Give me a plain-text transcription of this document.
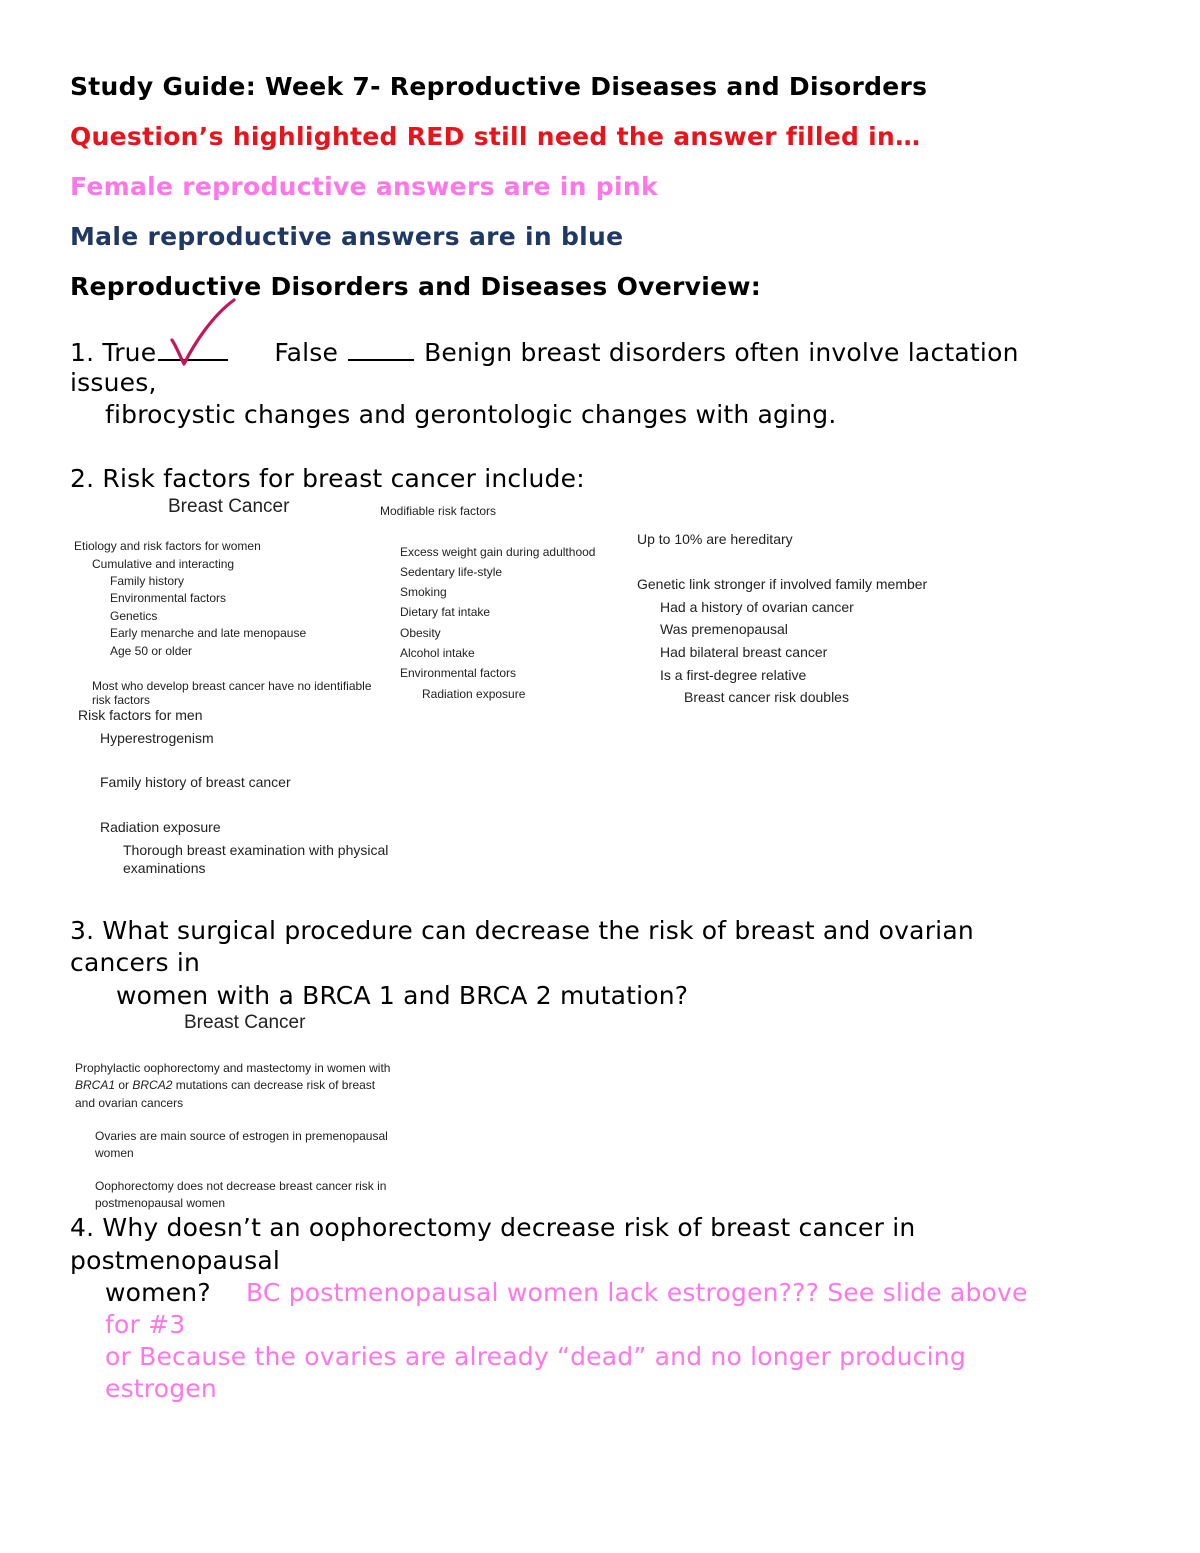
Study Guide: Week 7- Reproductive Diseases and Disorders
Question’s highlighted RED still need the answer filled in…
Female reproductive answers are in pink
Male reproductive answers are in blue
Reproductive Disorders and Diseases Overview:
1. True	False	Benign breast disorders often involve lactation
issues,
fibrocystic changes and gerontologic changes with aging.
2. Risk factors for breast cancer include:
Breast Cancer
Etiology and risk factors for women
Cumulative and interacting
Family history
Environmental factors
Genetics
Early menarche and late menopause
Age 50 or older
Most who develop breast cancer have no identifiable
risk factors
Risk factors for men
Hyperestrogenism
Family history of breast cancer
Radiation exposure
Thorough breast examination with physical
examinations
Modifiable risk factors
Excess weight gain during adulthood
Sedentary life-style
Smoking
Dietary fat intake
Obesity
Alcohol intake
Environmental factors
Radiation exposure
Up to 10% are hereditary
Genetic link stronger if involved family member
Had a history of ovarian cancer
Was premenopausal
Had bilateral breast cancer
Is a first-degree relative
Breast cancer risk doubles
3. What surgical procedure can decrease the risk of breast and ovarian
cancers in
women with a BRCA 1 and BRCA 2 mutation?
Breast Cancer
Prophylactic oophorectomy and mastectomy in women with
BRCA1 or BRCA2 mutations can decrease risk of breast
and ovarian cancers
Ovaries are main source of estrogen in premenopausal
women
Oophorectomy does not decrease breast cancer risk in
postmenopausal women
4. Why doesn’t an oophorectomy decrease risk of breast cancer in
postmenopausal
women? BC postmenopausal women lack estrogen??? See slide above
for #3
or Because the ovaries are already “dead” and no longer producing
estrogen
